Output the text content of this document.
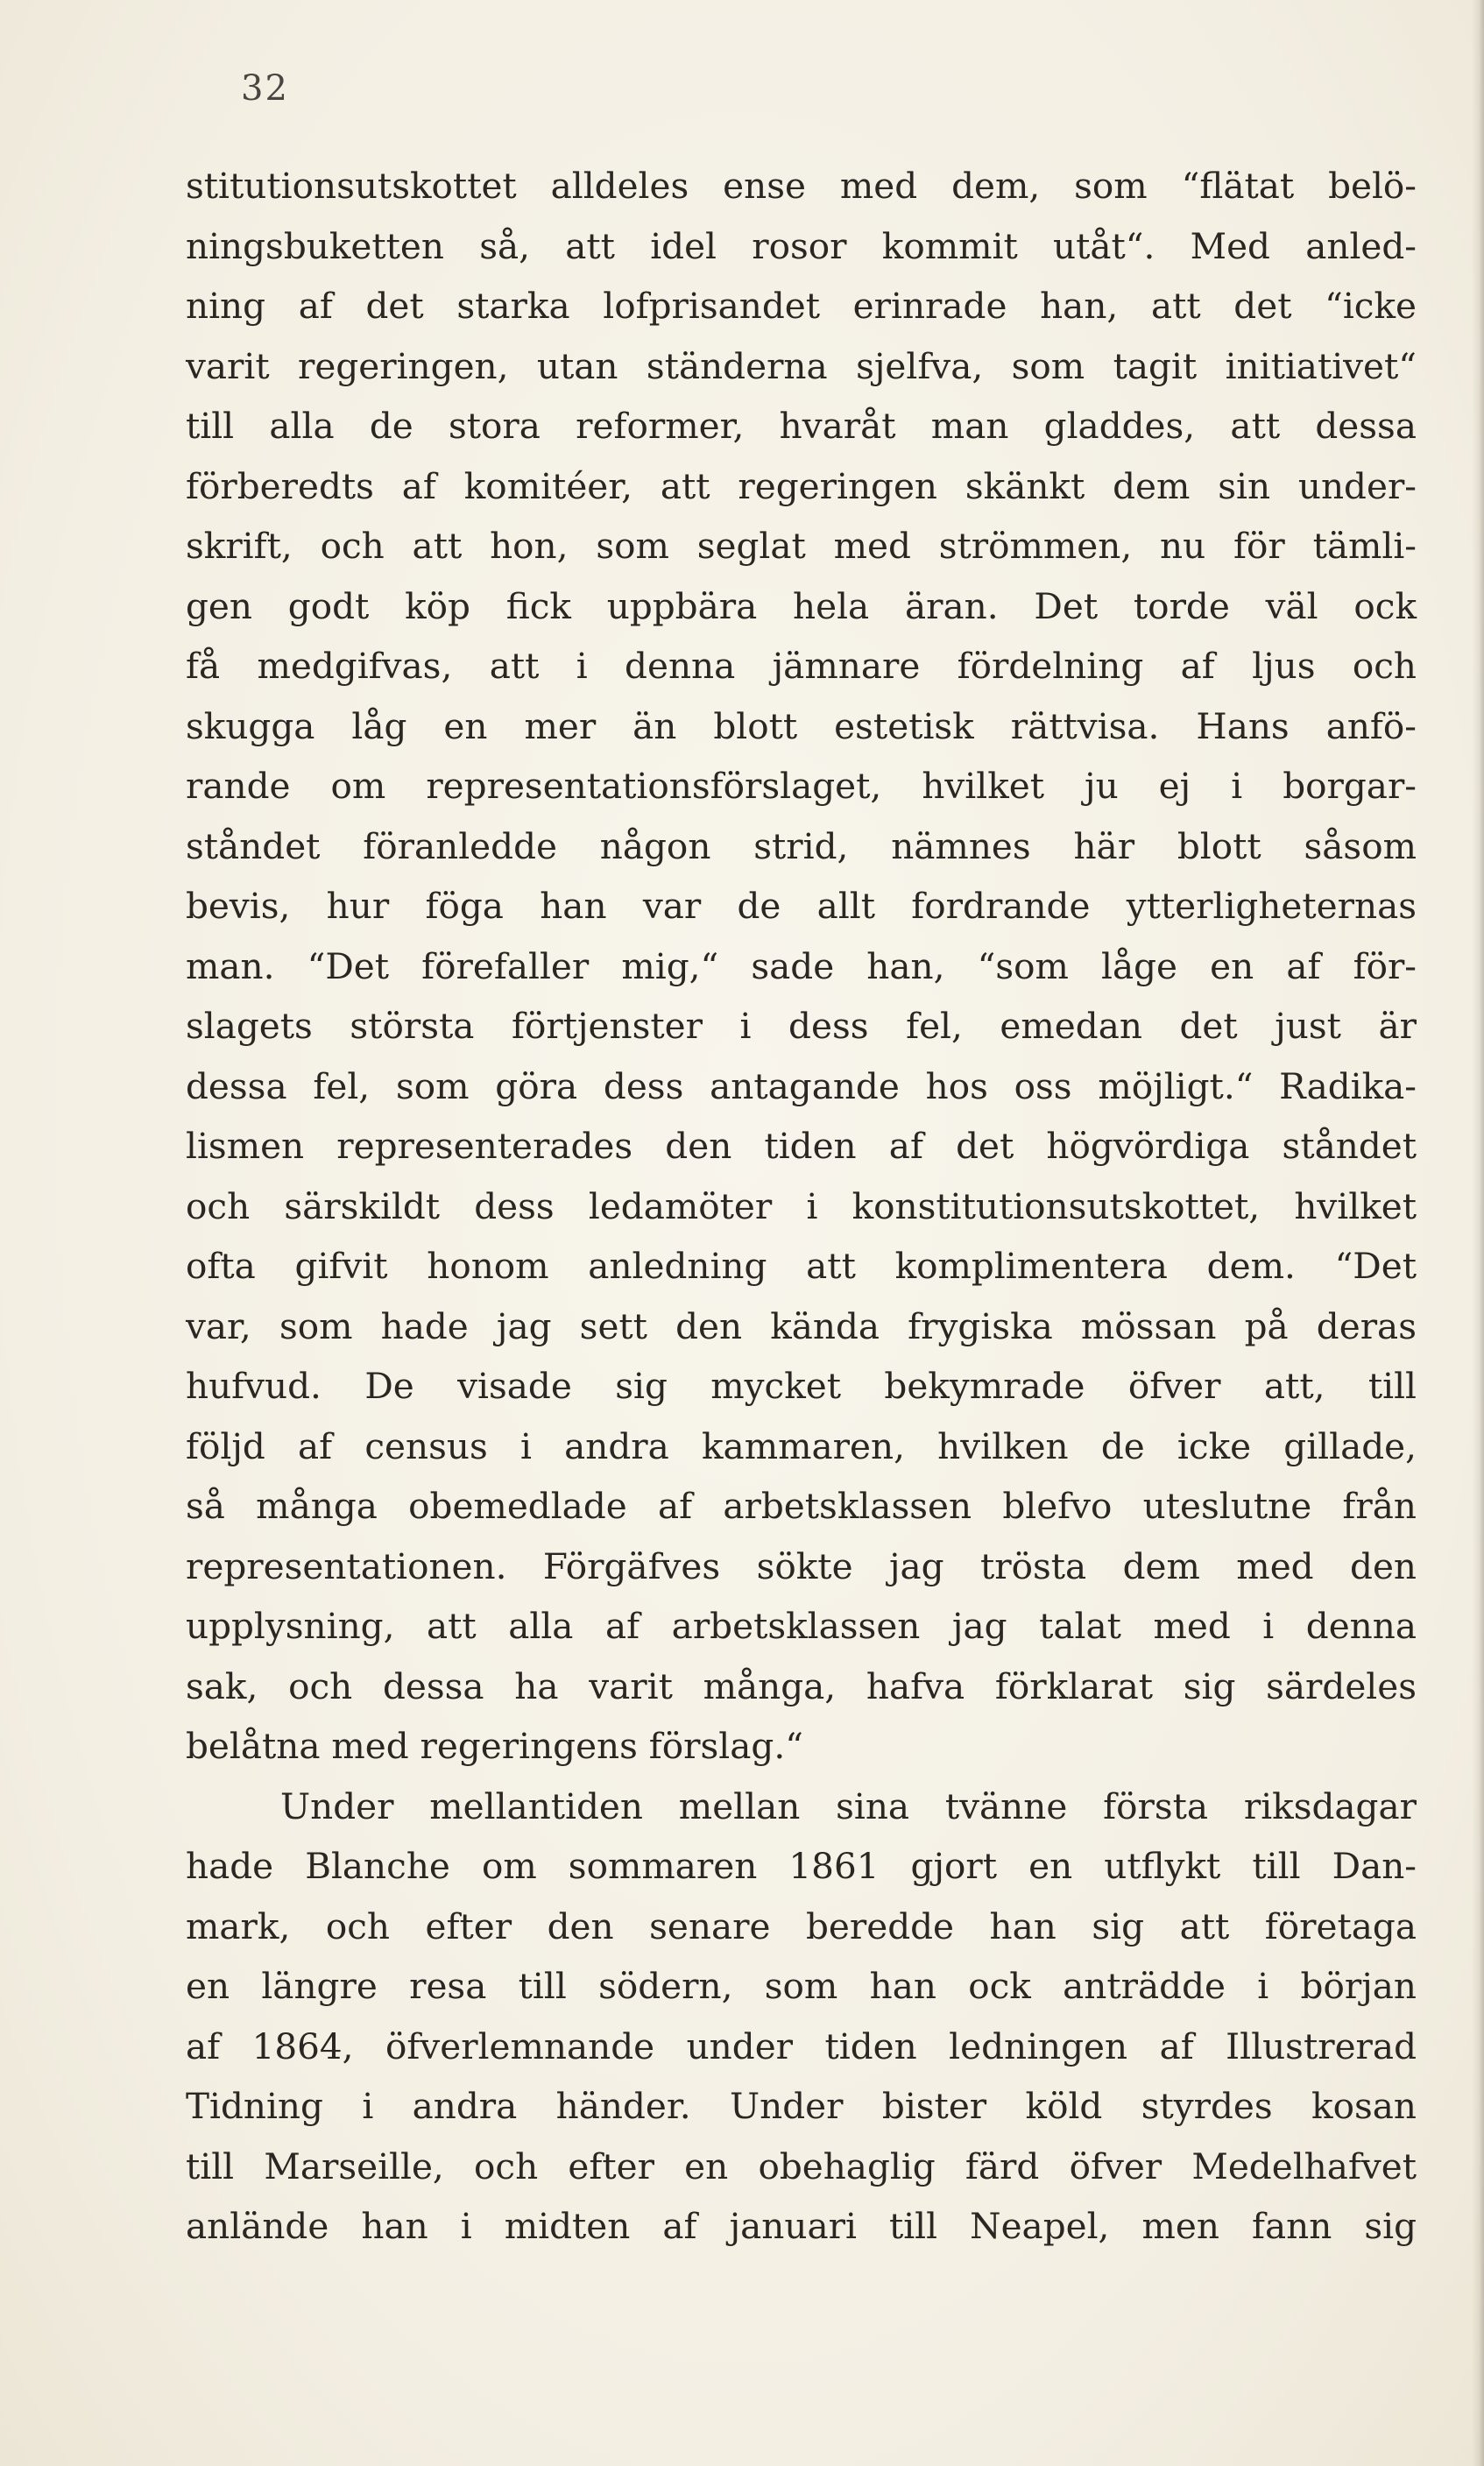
32
stitutionsutskottet alldeles ense med dem, som “flätat belö-
ningsbuketten så, att idel rosor kommit utåt“. Med anled-
ning af det starka lofprisandet erinrade han, att det “icke
varit regeringen, utan ständerna sjelfva, som tagit initiativet“
till alla de stora reformer, hvaråt man gladdes, att dessa
förberedts af komitéer, att regeringen skänkt dem sin under-
skrift, och att hon, som seglat med strömmen, nu för tämli-
gen godt köp fick uppbära hela äran. Det torde väl ock
få medgifvas, att i denna jämnare fördelning af ljus och
skugga låg en mer än blott estetisk rättvisa. Hans anfö-
rande om representationsförslaget, hvilket ju ej i borgar-
ståndet föranledde någon strid, nämnes här blott såsom
bevis, hur föga han var de allt fordrande ytterligheternas
man. “Det förefaller mig,“ sade han, “som låge en af för-
slagets största förtjenster i dess fel, emedan det just är
dessa fel, som göra dess antagande hos oss möjligt.“ Radika-
lismen representerades den tiden af det högvördiga ståndet
och särskildt dess ledamöter i konstitutionsutskottet, hvilket
ofta gifvit honom anledning att komplimentera dem. “Det
var, som hade jag sett den kända frygiska mössan på deras
hufvud. De visade sig mycket bekymrade öfver att, till
följd af census i andra kammaren, hvilken de icke gillade,
så många obemedlade af arbetsklassen blefvo uteslutne från
representationen. Förgäfves sökte jag trösta dem med den
upplysning, att alla af arbetsklassen jag talat med i denna
sak, och dessa ha varit många, hafva förklarat sig särdeles
belåtna med regeringens förslag.“
Under mellantiden mellan sina tvänne första riksdagar
hade Blanche om sommaren 1861 gjort en utflykt till Dan-
mark, och efter den senare beredde han sig att företaga
en längre resa till södern, som han ock anträdde i början
af 1864, öfverlemnande under tiden ledningen af Illustrerad
Tidning i andra händer. Under bister köld styrdes kosan
till Marseille, och efter en obehaglig färd öfver Medelhafvet
anlände han i midten af januari till Neapel, men fann sig
